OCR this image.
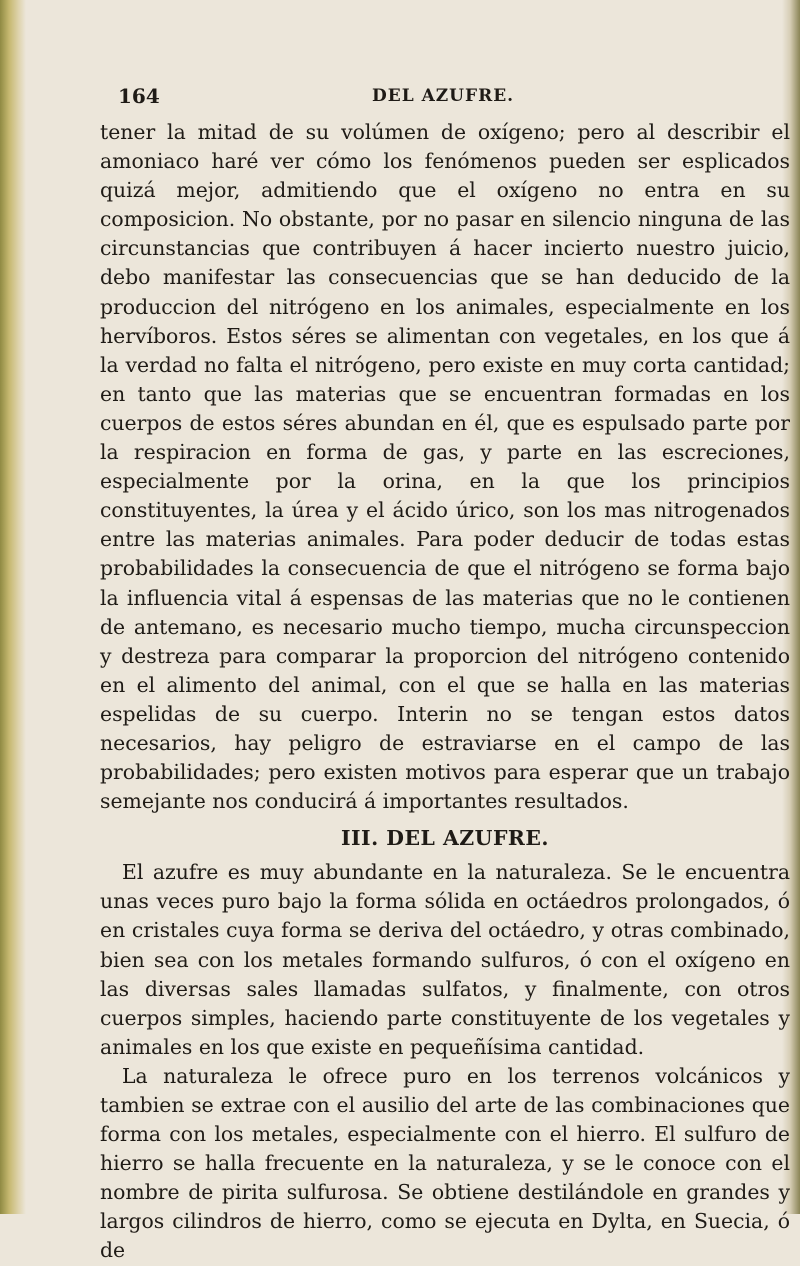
164	DEL AZUFRE.

tener la mitad de su volúmen de oxígeno; pero al describir el amoniaco haré ver cómo los fenómenos pueden ser esplicados quizá mejor, admitiendo que el oxígeno no entra en su composicion. No obstante, por no pasar en silencio ninguna de las circunstancias que contribuyen á hacer incierto nuestro juicio, debo manifestar las consecuencias que se han deducido de la produccion del nitrógeno en los animales, especialmente en los hervíboros. Estos séres se alimentan con vegetales, en los que á la verdad no falta el nitrógeno, pero existe en muy corta cantidad; en tanto que las materias que se encuentran formadas en los cuerpos de estos séres abundan en él, que es espulsado parte por la respiracion en forma de gas, y parte en las escreciones, especialmente por la orina, en la que los principios constituyentes, la úrea y el ácido úrico, son los mas nitrogenados entre las materias animales. Para poder deducir de todas estas probabilidades la consecuencia de que el nitrógeno se forma bajo la influencia vital á espensas de las materias que no le contienen de antemano, es necesario mucho tiempo, mucha circunspeccion y destreza para comparar la proporcion del nitrógeno contenido en el alimento del animal, con el que se halla en las materias espelidas de su cuerpo. Interin no se tengan estos datos necesarios, hay peligro de estraviarse en el campo de las probabilidades; pero existen motivos para esperar que un trabajo semejante nos conducirá á importantes resultados.

III. DEL AZUFRE.

El azufre es muy abundante en la naturaleza. Se le encuentra unas veces puro bajo la forma sólida en octáedros prolongados, ó en cristales cuya forma se deriva del octáedro, y otras combinado, bien sea con los metales formando sulfuros, ó con el oxígeno en las diversas sales llamadas sulfatos, y finalmente, con otros cuerpos simples, haciendo parte constituyente de los vegetales y animales en los que existe en pequeñísima cantidad.

La naturaleza le ofrece puro en los terrenos volcánicos y tambien se extrae con el ausilio del arte de las combinaciones que forma con los metales, especialmente con el hierro. El sulfuro de hierro se halla frecuente en la naturaleza, y se le conoce con el nombre de pirita sulfurosa. Se obtiene destilándole en grandes y largos cilindros de hierro, como se ejecuta en Dylta, en Suecia, ó de
